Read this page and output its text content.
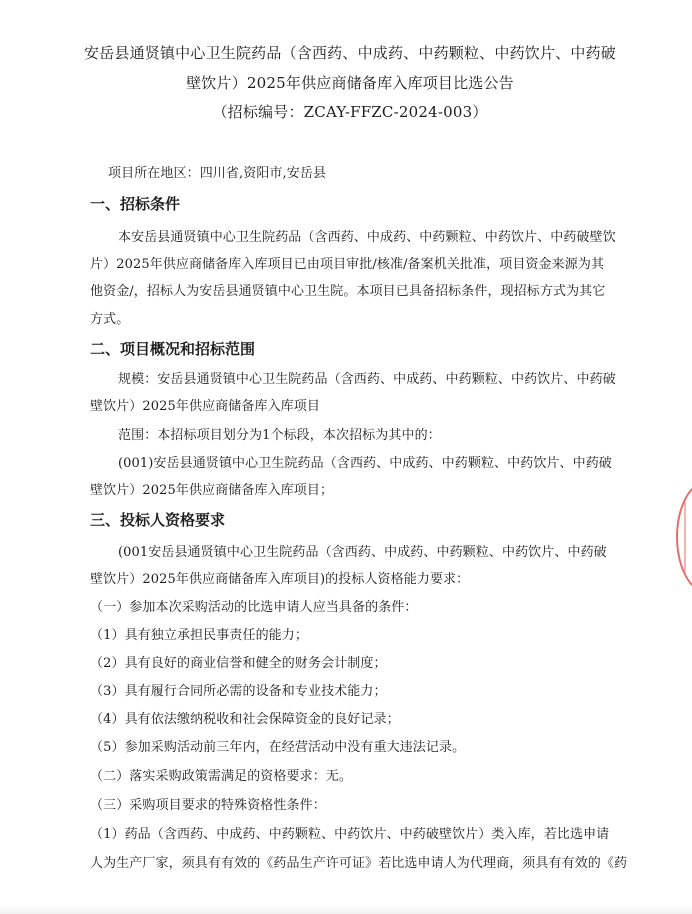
安岳县通贤镇中心卫生院药品（含西药、中成药、中药颗粒、中药饮片、中药破
壁饮片）2025年供应商储备库入库项目比选公告
（招标编号：ZCAY-FFZC-2024-003）
项目所在地区：四川省,资阳市,安岳县
一、招标条件
本安岳县通贤镇中心卫生院药品（含西药、中成药、中药颗粒、中药饮片、中药破壁饮
片）2025年供应商储备库入库项目已由项目审批/核准/备案机关批准，项目资金来源为其
他资金/，招标人为安岳县通贤镇中心卫生院。本项目已具备招标条件，现招标方式为其它
方式。
二、项目概况和招标范围
规模：安岳县通贤镇中心卫生院药品（含西药、中成药、中药颗粒、中药饮片、中药破
壁饮片）2025年供应商储备库入库项目
范围：本招标项目划分为1个标段，本次招标为其中的：
(001)安岳县通贤镇中心卫生院药品（含西药、中成药、中药颗粒、中药饮片、中药破
壁饮片）2025年供应商储备库入库项目；
三、投标人资格要求
(001安岳县通贤镇中心卫生院药品（含西药、中成药、中药颗粒、中药饮片、中药破
壁饮片）2025年供应商储备库入库项目)的投标人资格能力要求：
（一）参加本次采购活动的比选申请人应当具备的条件：
（1）具有独立承担民事责任的能力；
（2）具有良好的商业信誉和健全的财务会计制度；
（3）具有履行合同所必需的设备和专业技术能力；
（4）具有依法缴纳税收和社会保障资金的良好记录；
（5）参加采购活动前三年内，在经营活动中没有重大违法记录。
（二）落实采购政策需满足的资格要求：无。
（三）采购项目要求的特殊资格性条件：
（1）药品（含西药、中成药、中药颗粒、中药饮片、中药破壁饮片）类入库，若比选申请
人为生产厂家，须具有有效的《药品生产许可证》若比选申请人为代理商，须具有有效的《药
